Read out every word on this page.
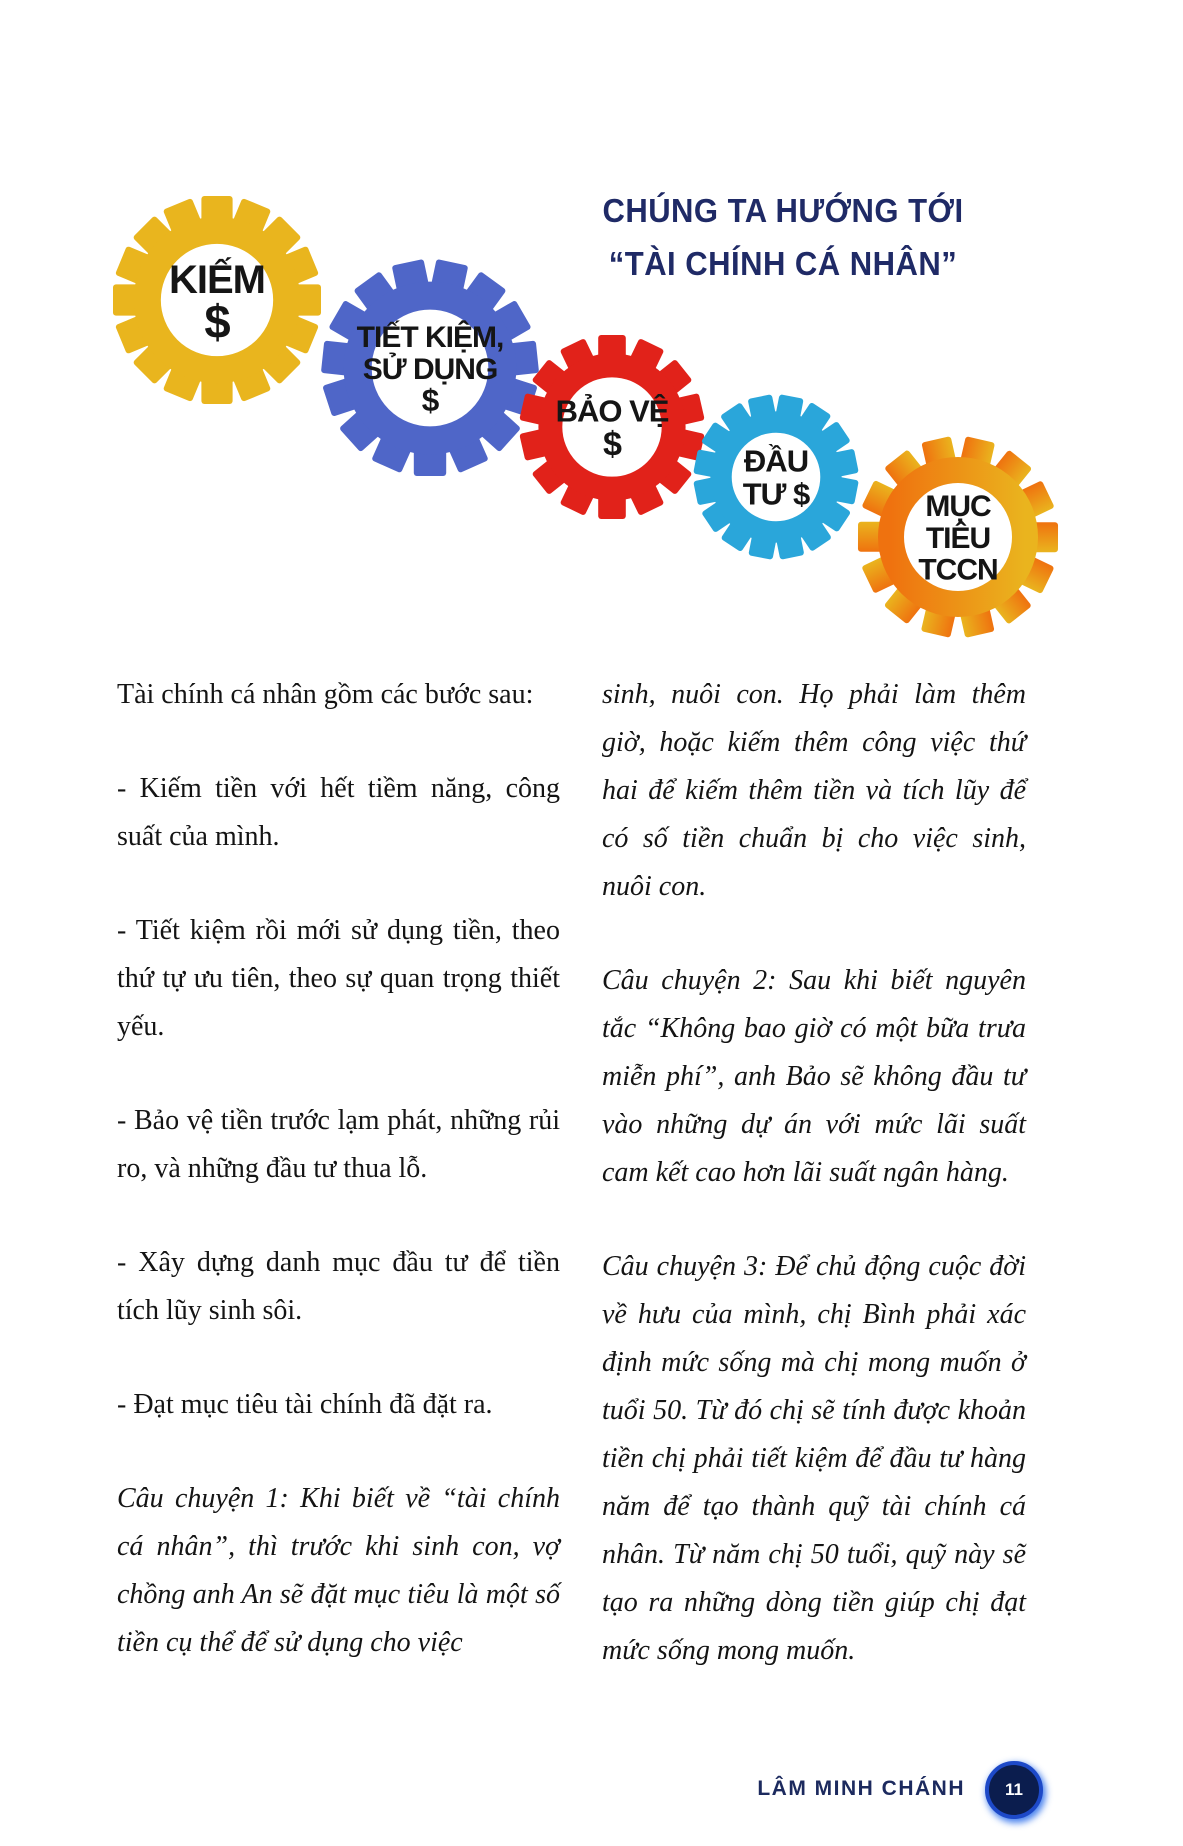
KIẾM
$	TIẾT KIỆM,
SỬ DỤNG
$	BẢO VỆ
$	ĐẦU
TƯ $	MỤC
TIÊU
TCCN
CHÚNG TA HƯỚNG TỚI
“TÀI CHÍNH CÁ NHÂN”

Tài chính cá nhân gồm các bước sau:

- Kiếm tiền với hết tiềm năng, công suất của mình.

- Tiết kiệm rồi mới sử dụng tiền, theo thứ tự ưu tiên, theo sự quan trọng thiết yếu.

- Bảo vệ tiền trước lạm phát, những rủi ro, và những đầu tư thua lỗ.

- Xây dựng danh mục đầu tư để tiền tích lũy sinh sôi.

- Đạt mục tiêu tài chính đã đặt ra.

Câu chuyện 1: Khi biết về “tài chính cá nhân”, thì trước khi sinh con, vợ chồng anh An sẽ đặt mục tiêu là một số tiền cụ thể để sử dụng cho việc

sinh, nuôi con. Họ phải làm thêm giờ, hoặc kiếm thêm công việc thứ hai để kiếm thêm tiền và tích lũy để có số tiền chuẩn bị cho việc sinh, nuôi con.

Câu chuyện 2: Sau khi biết nguyên tắc “Không bao giờ có một bữa trưa miễn phí”, anh Bảo sẽ không đầu tư vào những dự án với mức lãi suất cam kết cao hơn lãi suất ngân hàng.

Câu chuyện 3: Để chủ động cuộc đời về hưu của mình, chị Bình phải xác định mức sống mà chị mong muốn ở tuổi 50. Từ đó chị sẽ tính được khoản tiền chị phải tiết kiệm để đầu tư hàng năm để tạo thành quỹ tài chính cá nhân. Từ năm chị 50 tuổi, quỹ này sẽ tạo ra những dòng tiền giúp chị đạt mức sống mong muốn.

LÂM MINH CHÁNH 11
